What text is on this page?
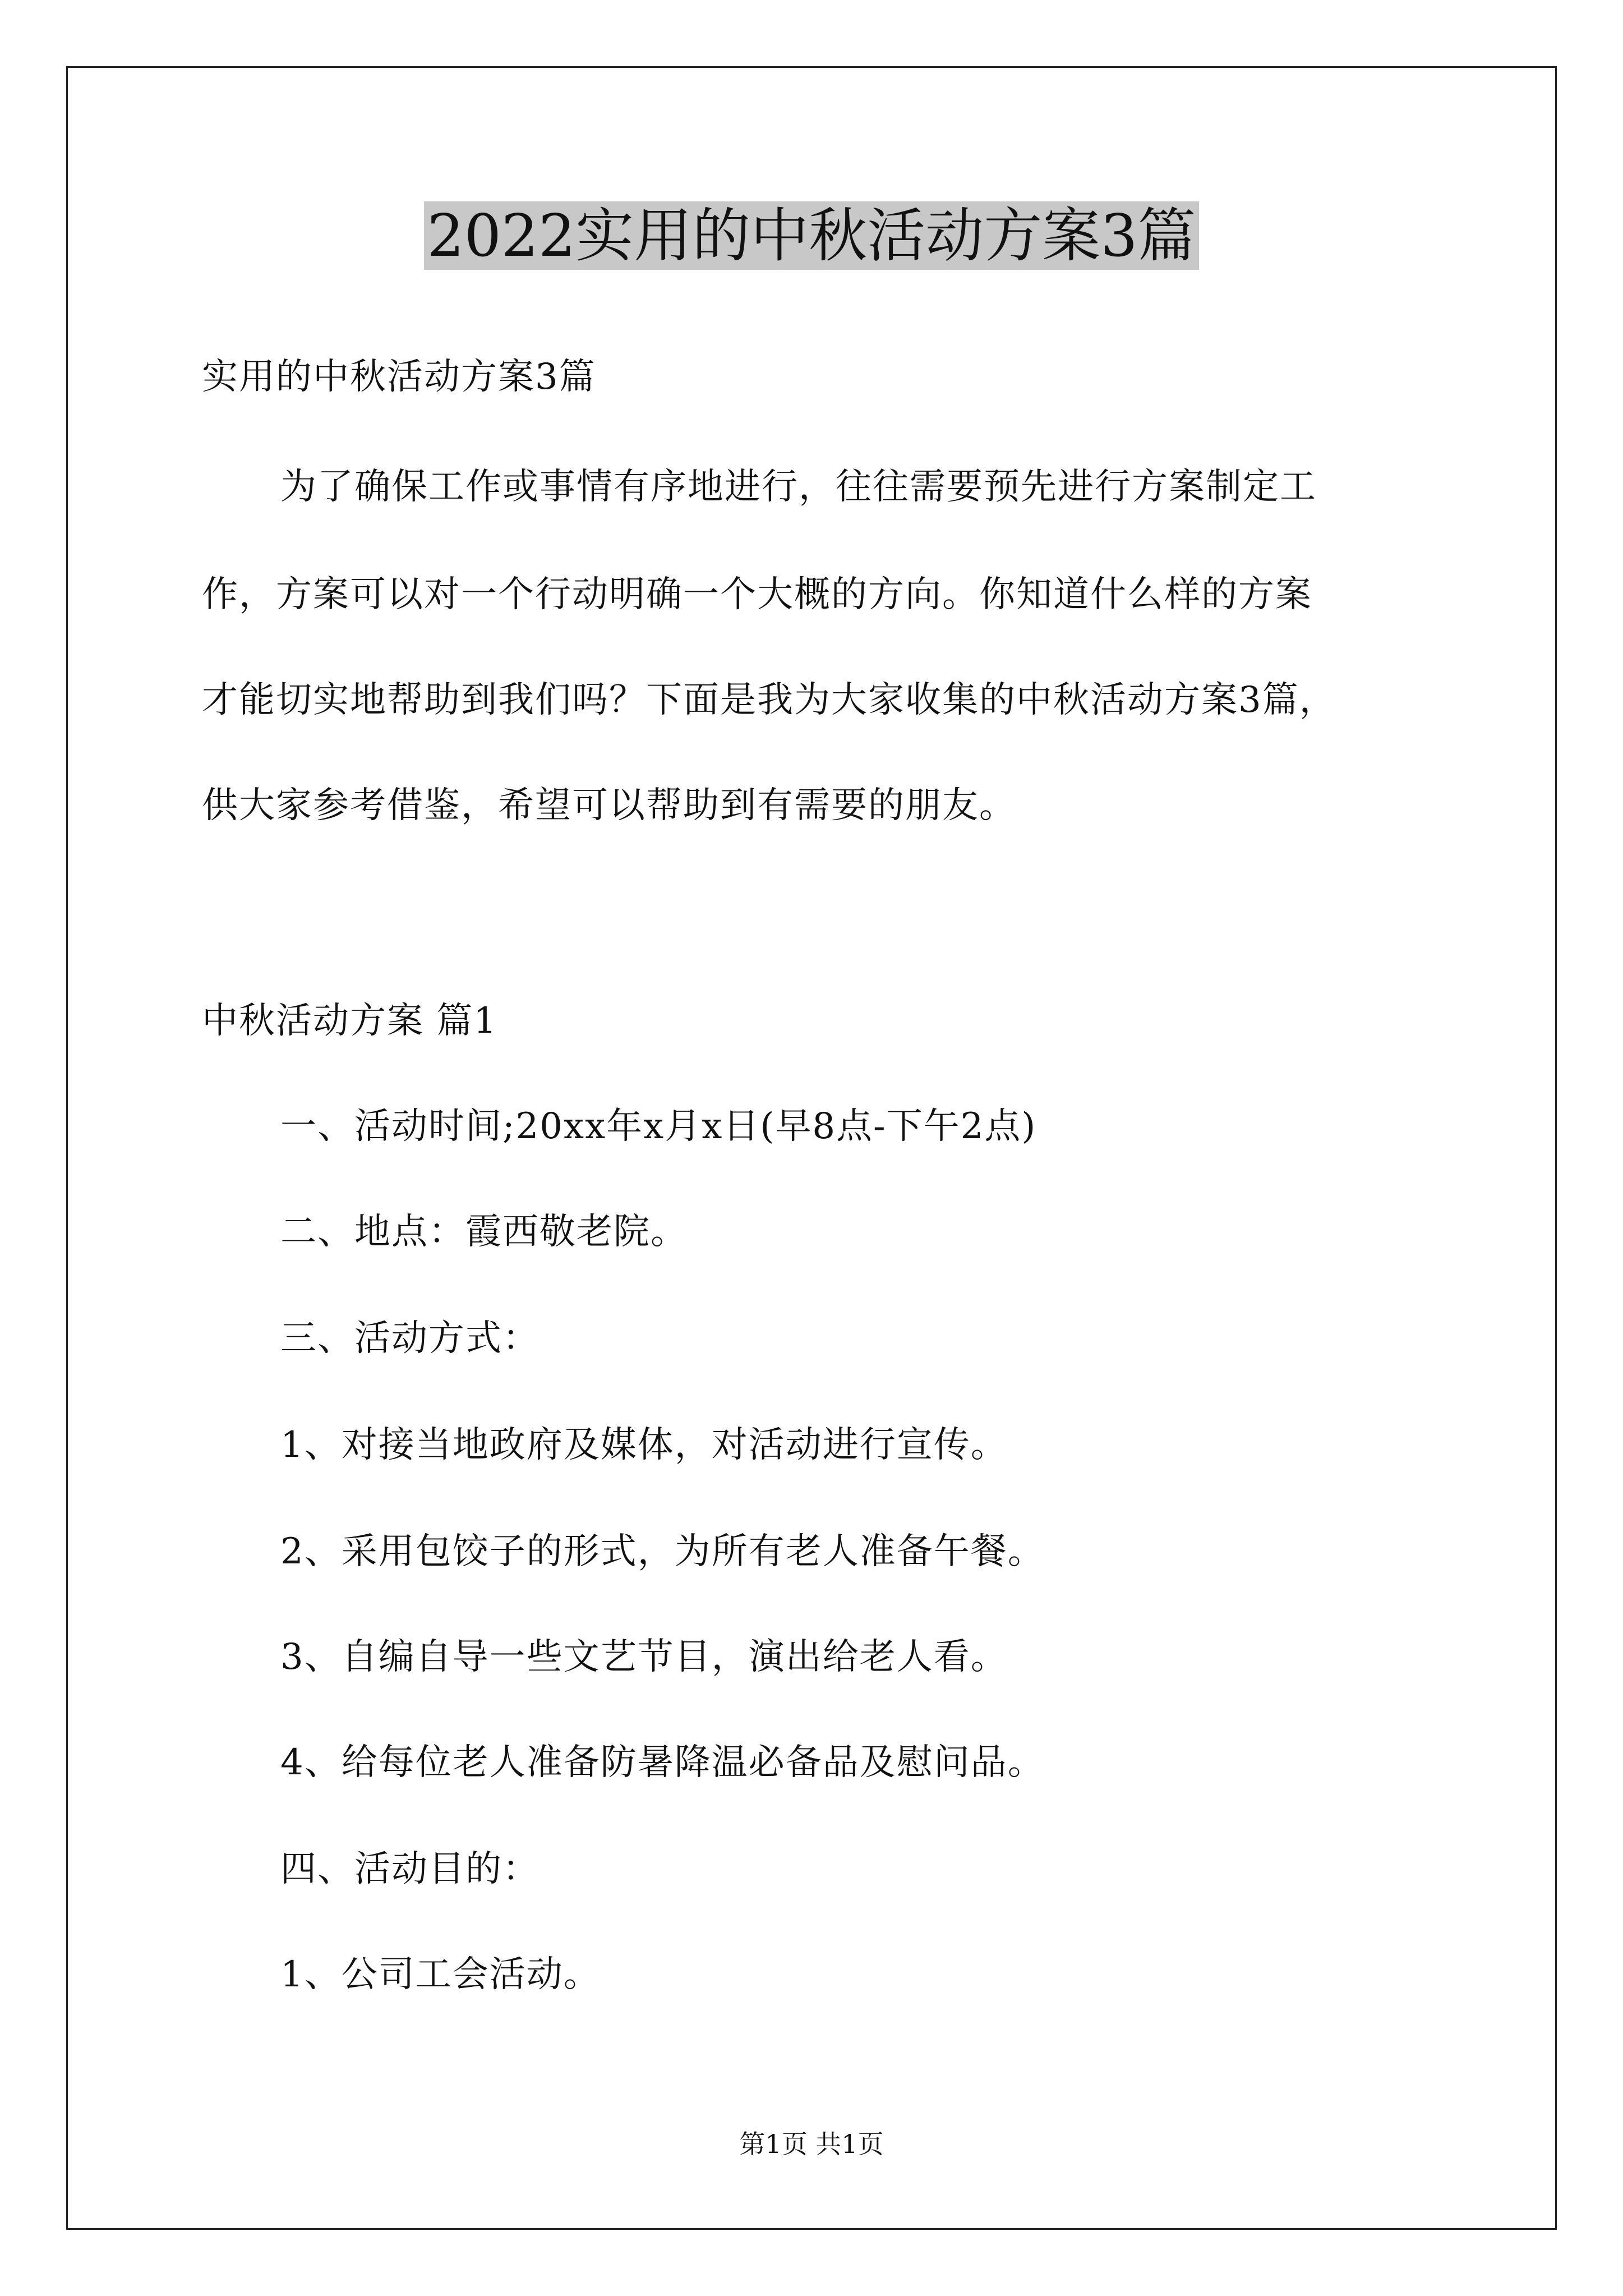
2022实用的中秋活动方案3篇
实用的中秋活动方案3篇
为了确保工作或事情有序地进行，往往需要预先进行方案制定工
作，方案可以对一个行动明确一个大概的方向。你知道什么样的方案
才能切实地帮助到我们吗？下面是我为大家收集的中秋活动方案3篇，
供大家参考借鉴，希望可以帮助到有需要的朋友。
中秋活动方案 篇1
一、活动时间;20xx年x月x日(早8点-下午2点)
二、地点：霞西敬老院。
三、活动方式：
1、对接当地政府及媒体，对活动进行宣传。
2、采用包饺子的形式，为所有老人准备午餐。
3、自编自导一些文艺节目，演出给老人看。
4、给每位老人准备防暑降温必备品及慰问品。
四、活动目的：
1、公司工会活动。
第1页 共1页
